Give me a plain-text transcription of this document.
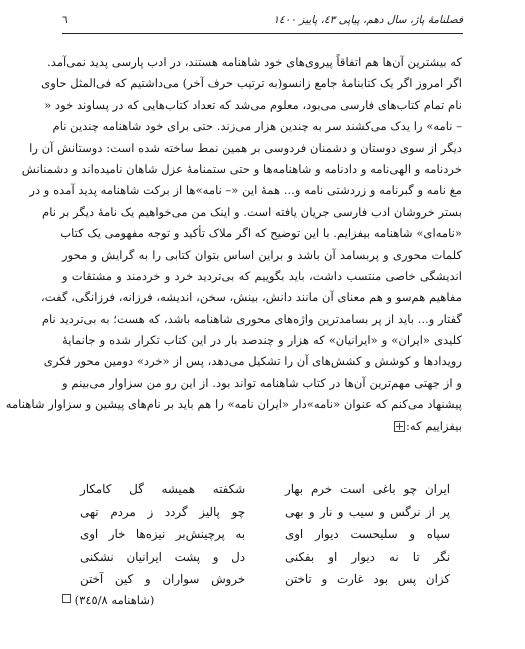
فصلنامهٔ پاژ، سال دهم، پیاپی ٤٣، پاییز ١٤٠٠
٦
که بیشترین آن‌ها هم اتفاقاً پیروی‌های خود شاهنامه هستند، در ادب پارسی پدید نمی‌آمد.
اگر امروز اگر یک کتابنامهٔ جامع زانسو(به ترتیب حرف آخر) می‌داشتیم که فی‌المثل حاوی
نام تمام کتاب‌های فارسی می‌بود، معلوم می‌شد که تعداد کتاب‌هایی که در پساوند خود «
– نامه» را یدک می‌کشند سر به چندین هزار می‌زند. حتی برای خود شاهنامه چندین نام
دیگر از سوی دوستان و دشمنان فردوسی بر همین نمط ساخته شده است: دوستانش آن را
خردنامه و الهی‌نامه و دادنامه و شاهنامه‌ها و حتی ستمنامهٔ عزل شاهان نامیده‌اند و دشمنانش
مغ نامه و گبرنامه و زردشتی نامه و... همهٔ این «– نامه»ها از برکت شاهنامه پدید آمده و در
بستر خروشان ادب فارسی جریان یافته است. و اینک من می‌خواهیم یک نامهٔ دیگر بر نام
«نامه‌ای» شاهنامه بیفزایم. با این توضیح که اگر ملاک تأکید و توجه مفهومی یک کتاب
کلمات محوری و پربسامد آن باشد و براین اساس بتوان کتابی را به گرایش و محور
اندیشگی خاصی منتسب داشت، باید بگوییم که بی‌تردید خرد و خردمند و مشتقات و
مفاهیم هم‌سو و هم معنای آن مانند دانش، بینش، سخن، اندیشه، فرزانه، فرزانگی، گفت،
گفتار و... باید از پر بسامدترین واژه‌های محوری شاهنامه باشد، که هست؛ به بی‌تردید نام
کلیدی «ایران» و «ایرانیان» که هزار و چندصد بار در این کتاب تکرار شده و جانمایهٔ
رویدادها و کوشش و کشش‌های آن را تشکیل می‌دهد، پس از «خرد» دومین محور فکری
و از جهتی مهم‌ترین آن‌ها در کتاب شاهنامه تواند بود. از این رو من سزاوار می‌بینم و
پیشنهاد می‌کنم که عنوان «نامه»دار «ایران نامه» را هم باید بر نام‌های پیشین و سزاوار شاهنامه
بیفزاییم که:
ایران چو باغی است خرم بهار
شکفته همیشه گل کامکار
پر از نرگس و سیب و نار و بهی
چو پالیز گردد ز مردم تهی
سپاه و سلیحست دیوار اوی
به پرچینش‌بر نیزه‌ها خار اوی
نگر تا نه دیوار او بفکنی
دل و پشت ایرانیان نشکنی
کزان پس بود غارت و تاختن
خروش سواران و کین آختن
(شاهنامه ٣٤٥/٨)
